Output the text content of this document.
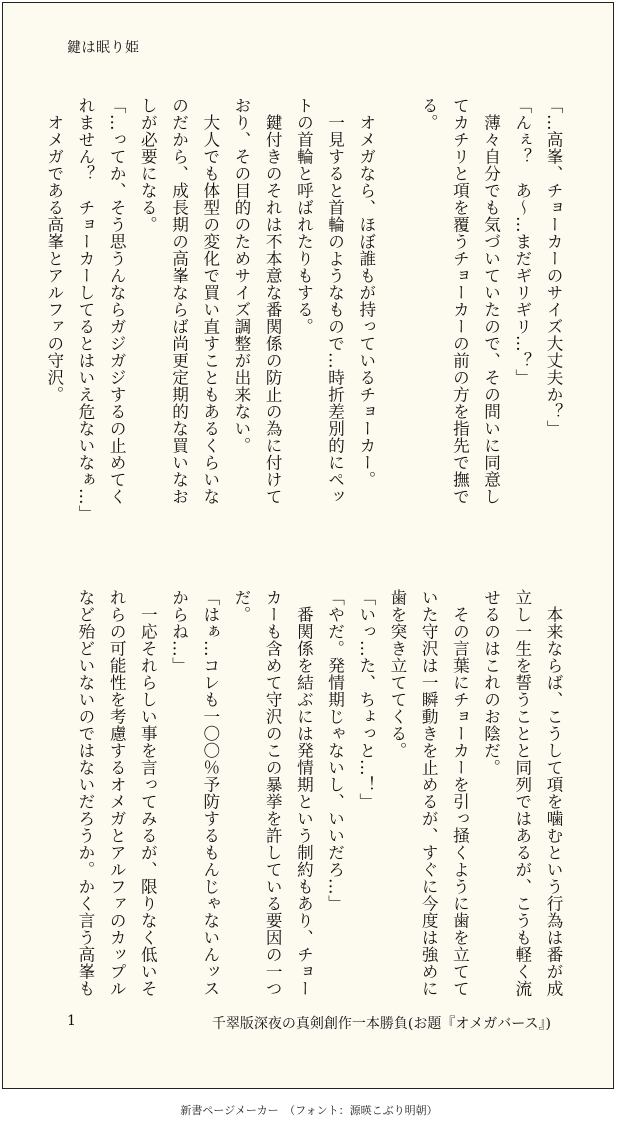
鍵は眠り姫
「…高峯、チョーカーのサイズ大丈夫か？」
「んぇ？　あ〜…まだギリギリ…？」
　薄々自分でも気づいていたので、その問いに同意し
てカチリと項を覆うチョーカーの前の方を指先で撫で
る。

　オメガなら、ほぼ誰もが持っているチョーカー。
　一見すると首輪のようなもので…時折差別的にペッ
トの首輪と呼ばれたりもする。
　鍵付きのそれは不本意な番関係の防止の為に付けて
おり、その目的のためサイズ調整が出来ない。
　大人でも体型の変化で買い直すこともあるくらいな
のだから、成長期の高峯ならば尚更定期的な買いなお
しが必要になる。
「…ってか、そう思うんならガジガジするの止めてく
れません？　チョーカーしてるとはいえ危ないなぁ…」
　オメガである高峯とアルファの守沢。
　本来ならば、こうして項を噛むという行為は番が成
立し一生を誓うことと同列ではあるが、こうも軽く流
せるのはこれのお陰だ。
　その言葉にチョーカーを引っ掻くように歯を立てて
いた守沢は一瞬動きを止めるが、すぐに今度は強めに
歯を突き立ててくる。
「いっ…た、ちょっと…！」
「やだ。発情期じゃないし、いいだろ…」
　番関係を結ぶには発情期という制約もあり、チョー
カーも含めて守沢のこの暴挙を許している要因の一つ
だ。
「はぁ…コレも一〇〇％予防するもんじゃないんッス
からね…」
　一応それらしい事を言ってみるが、限りなく低いそ
れらの可能性を考慮するオメガとアルファのカップル
など殆どいないのではないだろうか。かく言う高峯も
1	千翠版深夜の真剣創作一本勝負(お題『オメガバース』)
新書ページメーカー　（フォント：源暎こぶり明朝）
